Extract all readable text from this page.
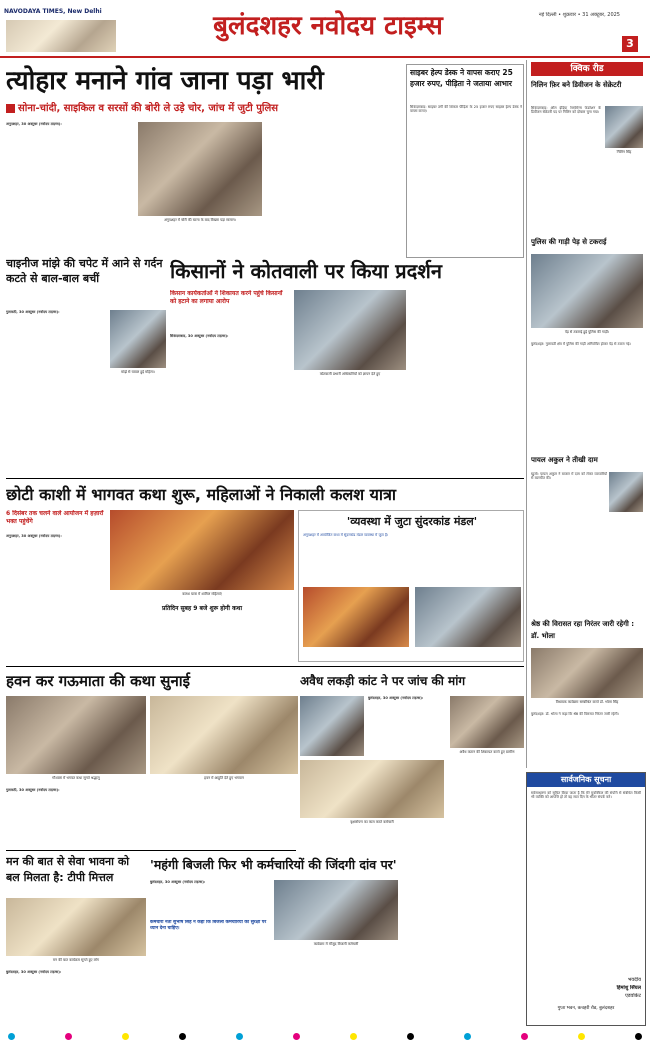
NAVODAYA TIMES, New Delhi	बुलंदशहर नवोदय टाइम्स	नई दिल्ली • शुक्रवार • 31 अक्टूबर, 2025
3
त्योहार मनाने गांव जाना पड़ा भारी
सोना-चांदी, साइकिल व सरसों की बोरी ले उड़े चोर, जांच में जुटी पुलिस
अनूपशहर, 30 अक्टूबर (नवोदय टाइम्स):
अनूपशहर में चोरी की घटना के बाद बिखरा पड़ा सामान।
चाइनीज मांझे की चपेट में आने से गर्दन कटते से बाल-बाल बचीं
गुलावठी, 30 अक्टूबर (नवोदय टाइम्स):
मांझे से घायल हुई महिला।
किसानों ने कोतवाली पर किया प्रदर्शन
किसान कार्यकर्ताओं ने शिकायत करने पहुंचे किसानों को हटाने का लगाया आरोप
सिकंदराबाद, 30 अक्टूबर (नवोदय टाइम्स):
कोतवाली प्रभारी अधिकारियों को ज्ञापन देते हुए
साइबर हेल्प डेस्क ने वापस कराए 25 हजार रुपए, पीड़िता ने जताया आभार
सिकंदराबाद: साइबर ठगी की शिकार पीड़िता के 25 हजार रुपए साइबर हेल्प डेस्क ने वापस कराए।
क्विक रीड
निलिन फ़िर बने डिवीजन के सेक्रेटरी
सिकंदराबाद: ऑल इंडिया रेलवेमेन्स फेडरेशन के डिवीजन सेक्रेटरी पद पर निलिन को दोबारा चुना गया।
निलिन सिंह
पुलिस की गाड़ी पेड़ से टकराई
पेड़ से टकराई हुई पुलिस की गाड़ी।
बुलंदशहर: गुलावठी क्षेत्र में पुलिस की गाड़ी अनियंत्रित होकर पेड़ से टकरा गई।
पायल अकुल ने तीखी दाम
खुर्जा: पायल अकुल ने बाजार में दाम को लेकर व्यापारियों से बातचीत की।
श्रेष्ठ की विरासत रहा निरंतर जारी रहेगी : डॉ. भोला
विधायक कार्यक्रम सम्बोधित करते डॉ. भोला सिंह
बुलंदशहर: डॉ. भोला ने कहा कि श्रेष्ठ की विरासत निरंतर जारी रहेगी।
छोटी काशी में भागवत कथा शुरू, महिलाओं ने निकाली कलश यात्रा
6 दिसंबर तक चलने वाले आयोजन में हज़ारों भक्त पहुंचेंगे
अनूपशहर, 30 अक्टूबर (नवोदय टाइम्स):
कलश यात्रा में शामिल महिलाएं
प्रतिदिन सुबह 9 बजे शुरू होगी कथा
'व्यवस्था में जुटा सुंदरकांड मंडल'
अनूपशहर में आयोजित कथा में सुंदरकांड मंडल व्यवस्था में जुटा है।
हवन कर गऊमाता की कथा सुनाई
गौशाला में भगवत कथा सुनते श्रद्धालु	हवन में आहुति देते हुए भगवान
गुलावठी, 30 अक्टूबर (नवोदय टाइम्स):
अवैध लकड़ी कांट ने पर जांच की मांग
बुलंदशहर, 30 अक्टूबर (नवोदय टाइम्स):
अवैध कटान की शिकायत करते हुए ग्रामीण
वृक्षारोपण का काम करते कर्मचारी
मन की बात से सेवा भावना को बल मिलता है: टीपी मित्तल
मन की बात कार्यक्रम सुनते हुए लोग
बुलंदशहर, 30 अक्टूबर (नवोदय टाइम्स):
'महंगी बिजली फिर भी कर्मचारियों की जिंदगी दांव पर'
बुलंदशहर, 30 अक्टूबर (नवोदय टाइम्स):
कर्मचारी नेता सुभाष सिंह ने कहा कि बिजली कर्मचारियों की सुरक्षा पर ध्यान देना चाहिए।
कार्यक्रम में मौजूद बिजली कर्मचारी
सार्वजनिक सूचना
सर्वसाधारण को सूचित किया जाता है कि मेरे मुवक्किल की संपत्ति से संबंधित किसी भी व्यक्ति को आपत्ति हो तो वह सात दिन के भीतर संपर्क करे।
भवदीय
हिमांशु सिंघल
एडवोकेट
गुप्ता भवन, कचहरी रोड, बुलंदशहर
